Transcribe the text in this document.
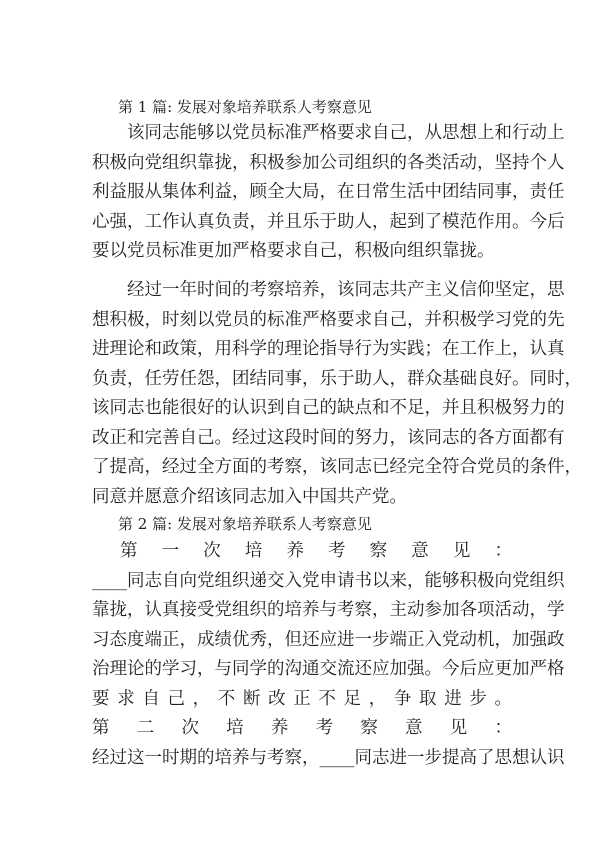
第 1 篇: 发展对象培养联系人考察意见
　　该同志能够以党员标准严格要求自己，从思想上和行动上
积极向党组织靠拢，积极参加公司组织的各类活动，坚持个人
利益服从集体利益，顾全大局，在日常生活中团结同事，责任
心强，工作认真负责，并且乐于助人，起到了模范作用。今后
要以党员标准更加严格要求自己，积极向组织靠拢。
　　经过一年时间的考察培养，该同志共产主义信仰坚定，思
想积极，时刻以党员的标准严格要求自己，并积极学习党的先
进理论和政策，用科学的理论指导行为实践；在工作上，认真
负责，任劳任怨，团结同事，乐于助人，群众基础良好。同时，
该同志也能很好的认识到自己的缺点和不足，并且积极努力的
改正和完善自己。经过这段时间的努力，该同志的各方面都有
了提高，经过全方面的考察，该同志已经完全符合党员的条件，
同意并愿意介绍该同志加入中国共产党。
第 2 篇: 发展对象培养联系人考察意见
第 一 次 培 养 考 察 意 见 ：
____同志自向党组织递交入党申请书以来，能够积极向党组织
靠拢，认真接受党组织的培养与考察，主动参加各项活动，学
习态度端正，成绩优秀，但还应进一步端正入党动机，加强政
治理论的学习，与同学的沟通交流还应加强。今后应更加严格
要 求 自 己 ， 不 断 改 正 不 足 ， 争 取 进 步 。
第 二 次 培 养 考 察 意 见 ：
经过这一时期的培养与考察，____同志进一步提高了思想认识
